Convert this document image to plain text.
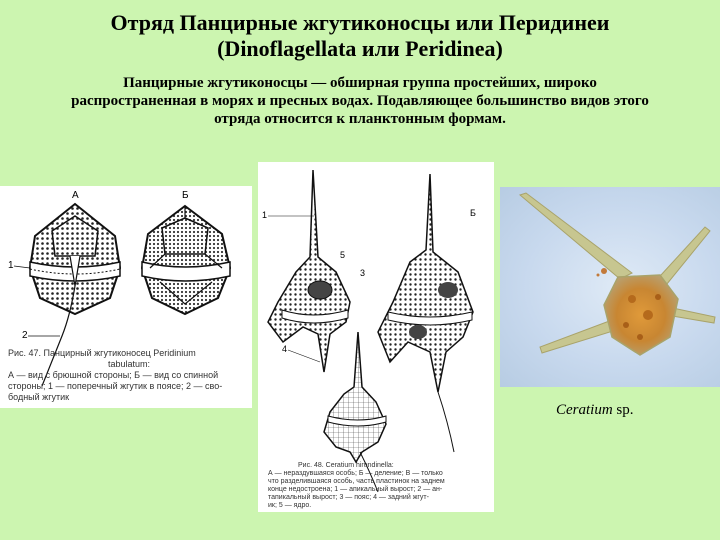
Отряд Панцирные жгутиконосцы или Перидинеи
(Dinoflagellata или Peridinea)
Панцирные жгутиконосцы — обширная группа простейших, широко
распространенная в морях и пресных водах. Подавляющее большинство видов этого
отряда относится к планктонным формам.
А	Б
1
2
Рис. 47. Панцирный жгутиконосец Peridinium
tabulatum:
А — вид с брюшной стороны; Б — вид со спинной
стороны; 1 — поперечный жгутик в поясе; 2 — сво-
бодный жгутик
1	Б
5
3
4
Рис. 48. Ceratium hirundinella:
А — нераздувшаяся особь; Б — деление; В — только
что разделившаяся особь, часть плаcтинок на заднем
конце недостроена; 1 — апикальный вырост; 2 — ан-
тапикальный вырост; 3 — пояс; 4 — задний жгут-
ик; 5 — ядро.
Ceratium sp.
